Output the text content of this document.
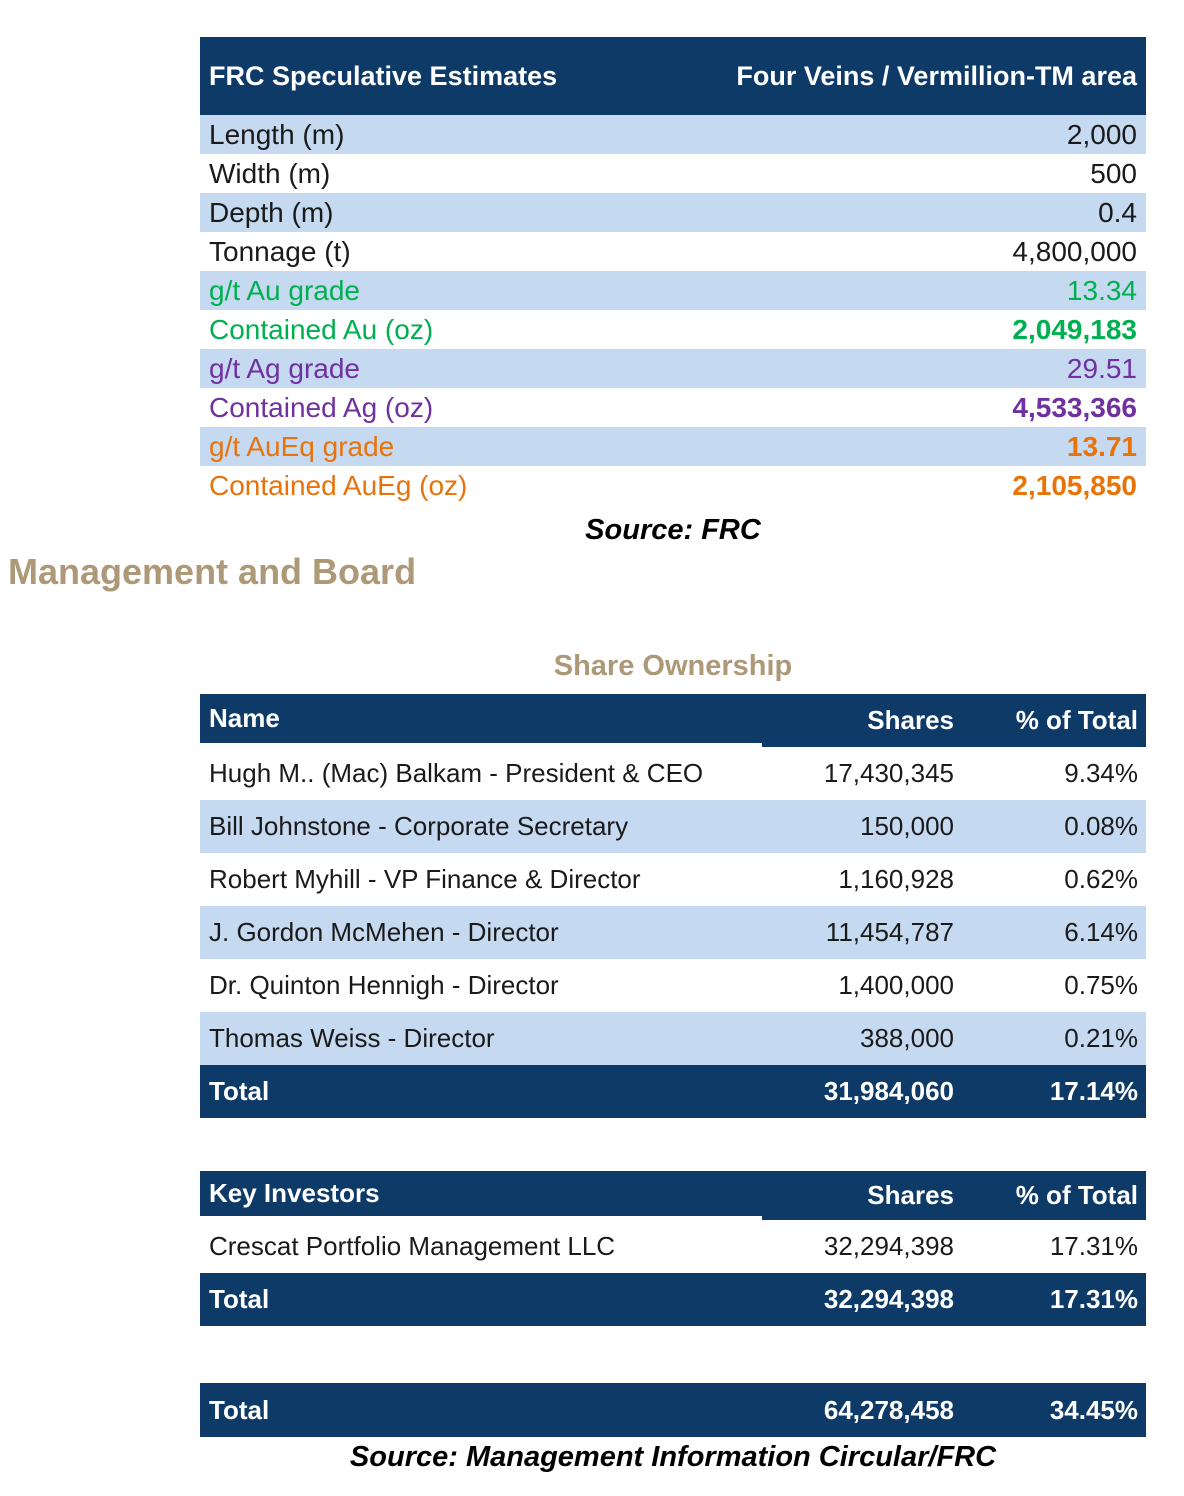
FRC Speculative Estimates	Four Veins / Vermillion-TM area
Length (m)	2,000
Width (m)	500
Depth (m)	0.4
Tonnage (t)	4,800,000
g/t Au grade	13.34
Contained Au (oz)	2,049,183
g/t Ag grade	29.51
Contained Ag (oz)	4,533,366
g/t AuEq grade	13.71
Contained AuEg (oz)	2,105,850
Source: FRC
Management and Board
Share Ownership
Name	Shares	% of Total
Hugh M.. (Mac) Balkam - President & CEO	17,430,345	9.34%
Bill Johnstone - Corporate Secretary	150,000	0.08%
Robert Myhill - VP Finance & Director	1,160,928	0.62%
J. Gordon McMehen - Director	11,454,787	6.14%
Dr. Quinton Hennigh - Director	1,400,000	0.75%
Thomas Weiss - Director	388,000	0.21%
Total	31,984,060	17.14%
Key Investors	Shares	% of Total
Crescat Portfolio Management LLC	32,294,398	17.31%
Total	32,294,398	17.31%
Total	64,278,458	34.45%
Source: Management Information Circular/FRC
